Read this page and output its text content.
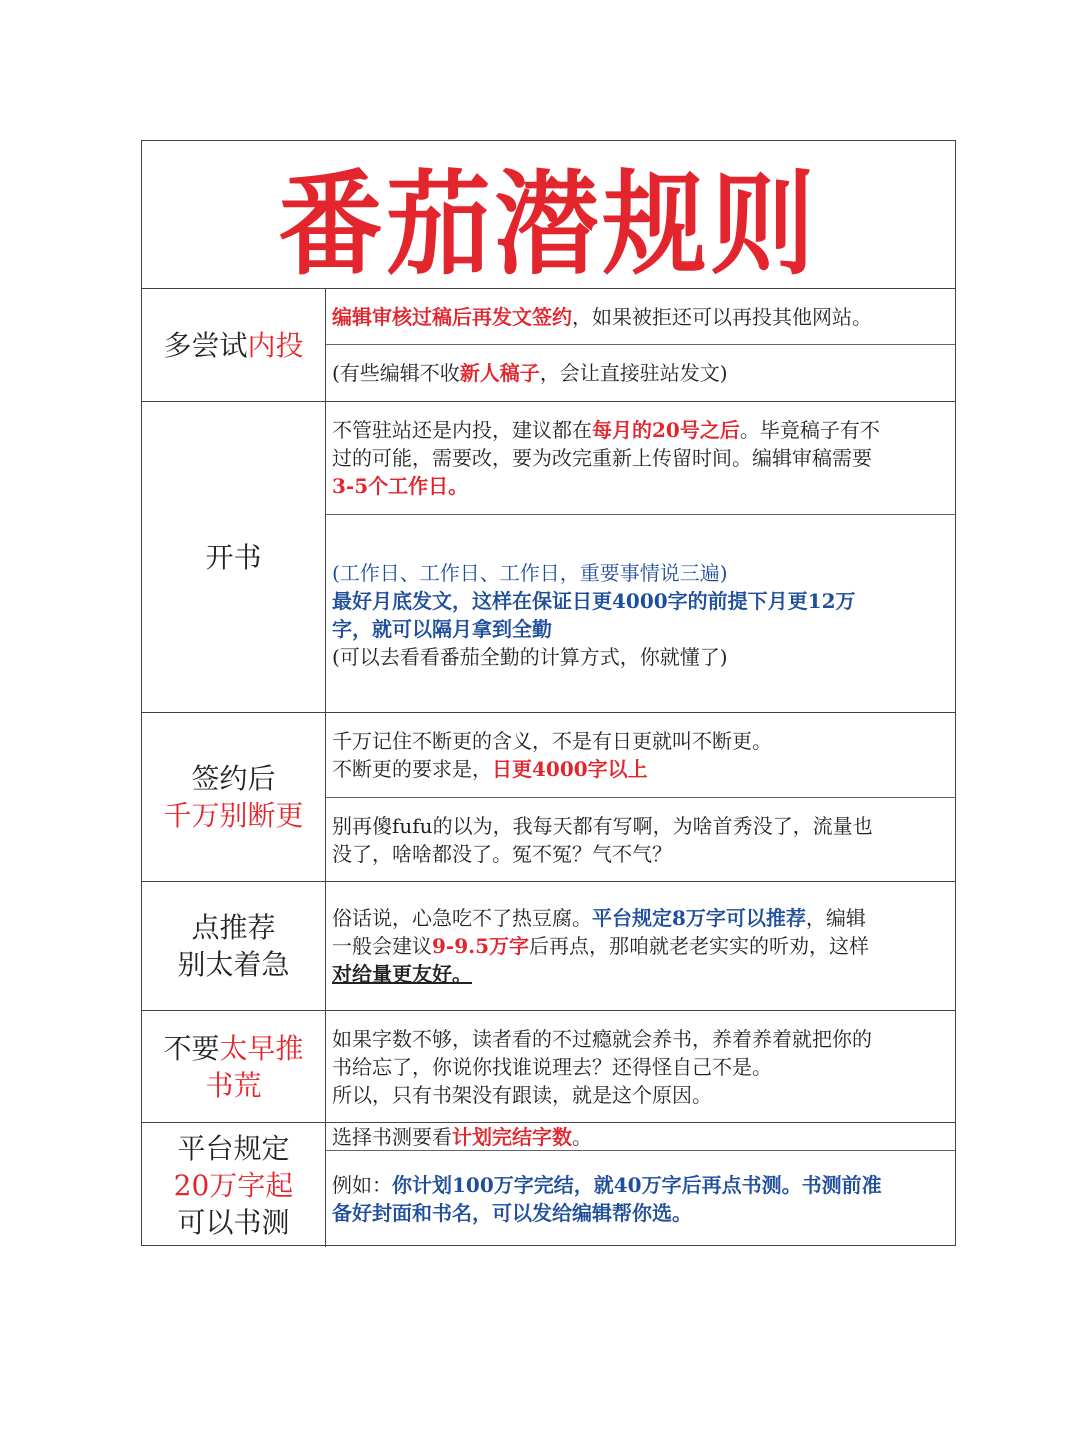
番茄潜规则
多尝试内投
编辑审核过稿后再发文签约，如果被拒还可以再投其他网站。
(有些编辑不收新人稿子，会让直接驻站发文)
开书
不管驻站还是内投，建议都在每月的20号之后。毕竟稿子有不
过的可能，需要改，要为改完重新上传留时间。编辑审稿需要
3-5个工作日。
(工作日、工作日、工作日，重要事情说三遍)
最好月底发文，这样在保证日更4000字的前提下月更12万
字，就可以隔月拿到全勤
(可以去看看番茄全勤的计算方式，你就懂了)
签约后
千万别断更
千万记住不断更的含义，不是有日更就叫不断更。
不断更的要求是，日更4000字以上
别再傻fufu的以为，我每天都有写啊，为啥首秀没了，流量也
没了，啥啥都没了。冤不冤？气不气？
点推荐
别太着急
俗话说，心急吃不了热豆腐。平台规定8万字可以推荐，编辑
一般会建议9-9.5万字后再点，那咱就老老实实的听劝，这样
对给量更友好。
不要太早推
书荒
如果字数不够，读者看的不过瘾就会养书，养着养着就把你的
书给忘了，你说你找谁说理去？还得怪自己不是。
所以，只有书架没有跟读，就是这个原因。
平台规定
20万字起
可以书测
选择书测要看计划完结字数。
例如：你计划100万字完结，就40万字后再点书测。书测前准
备好封面和书名，可以发给编辑帮你选。
